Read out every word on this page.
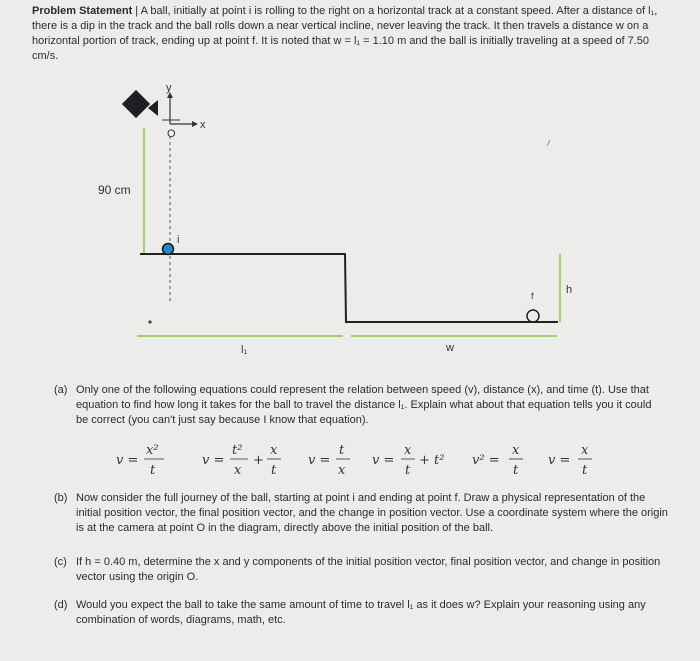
Problem Statement | A ball, initially at point i is rolling to the right on a horizontal track at a constant speed. After a distance of l₁, there is a dip in the track and the ball rolls down a near vertical incline, never leaving the track. It then travels a distance w on a horizontal portion of track, ending up at point f. It is noted that w = l₁ = 1.10 m and the ball is initially traveling at a speed of 7.50 cm/s.
y
x
O
90 cm
i
f	h
l₁	w
(a) Only one of the following equations could represent the relation between speed (v), distance (x), and time (t). Use that equation to find how long it takes for the ball to travel the distance l₁. Explain what about that equation tells you it could be correct (you can't just say because I know that equation).
v =
x²
t
v =
t²
x
+
x
t
v =
t
x
v =
x
t
+ t² v² =
x
t
v =
x
t
(b) Now consider the full journey of the ball, starting at point i and ending at point f. Draw a physical representation of the initial position vector, the final position vector, and the change in position vector. Use a coordinate system where the origin is at the camera at point O in the diagram, directly above the initial position of the ball.
(c) If h = 0.40 m, determine the x and y components of the initial position vector, final position vector, and change in position vector using the origin O.
(d) Would you expect the ball to take the same amount of time to travel l₁ as it does w? Explain your reasoning using any combination of words, diagrams, math, etc.
